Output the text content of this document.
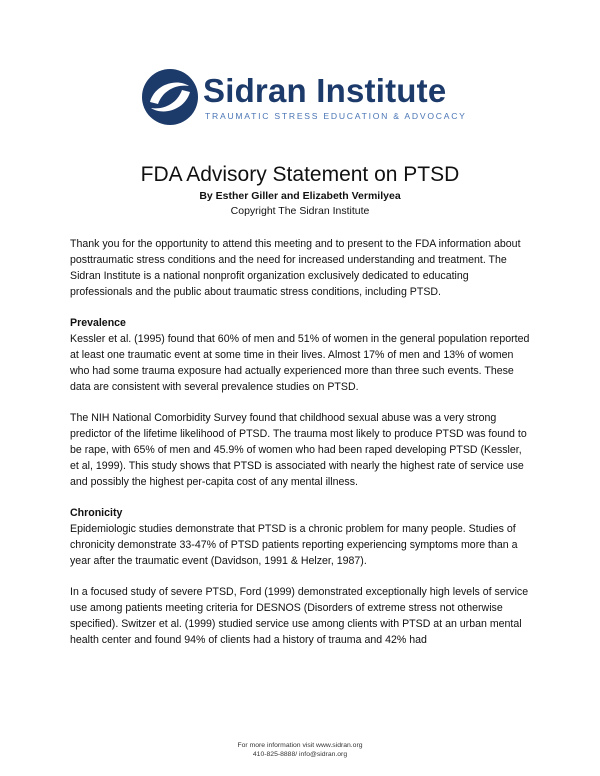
Sidran Institute
TRAUMATIC STRESS EDUCATION & ADVOCACY
FDA Advisory Statement on PTSD
By Esther Giller and Elizabeth Vermilyea
Copyright The Sidran Institute

Thank you for the opportunity to attend this meeting and to present to the FDA information about posttraumatic stress conditions and the need for increased understanding and treatment. The Sidran Institute is a national nonprofit organization exclusively dedicated to educating professionals and the public about traumatic stress conditions, including PTSD.

Prevalence

Kessler et al. (1995) found that 60% of men and 51% of women in the general population reported at least one traumatic event at some time in their lives. Almost 17% of men and 13% of women who had some trauma exposure had actually experienced more than three such events. These data are consistent with several prevalence studies on PTSD.

The NIH National Comorbidity Survey found that childhood sexual abuse was a very strong predictor of the lifetime likelihood of PTSD. The trauma most likely to produce PTSD was found to be rape, with 65% of men and 45.9% of women who had been raped developing PTSD (Kessler, et al, 1999). This study shows that PTSD is associated with nearly the highest rate of service use and possibly the highest per-capita cost of any mental illness.

Chronicity

Epidemiologic studies demonstrate that PTSD is a chronic problem for many people. Studies of chronicity demonstrate 33-47% of PTSD patients reporting experiencing symptoms more than a year after the traumatic event (Davidson, 1991 & Helzer, 1987).

In a focused study of severe PTSD, Ford (1999) demonstrated exceptionally high levels of service use among patients meeting criteria for DESNOS (Disorders of extreme stress not otherwise specified). Switzer et al. (1999) studied service use among clients with PTSD at an urban mental health center and found 94% of clients had a history of trauma and 42% had

For more information visit www.sidran.org
410-825-8888/ info@sidran.org
